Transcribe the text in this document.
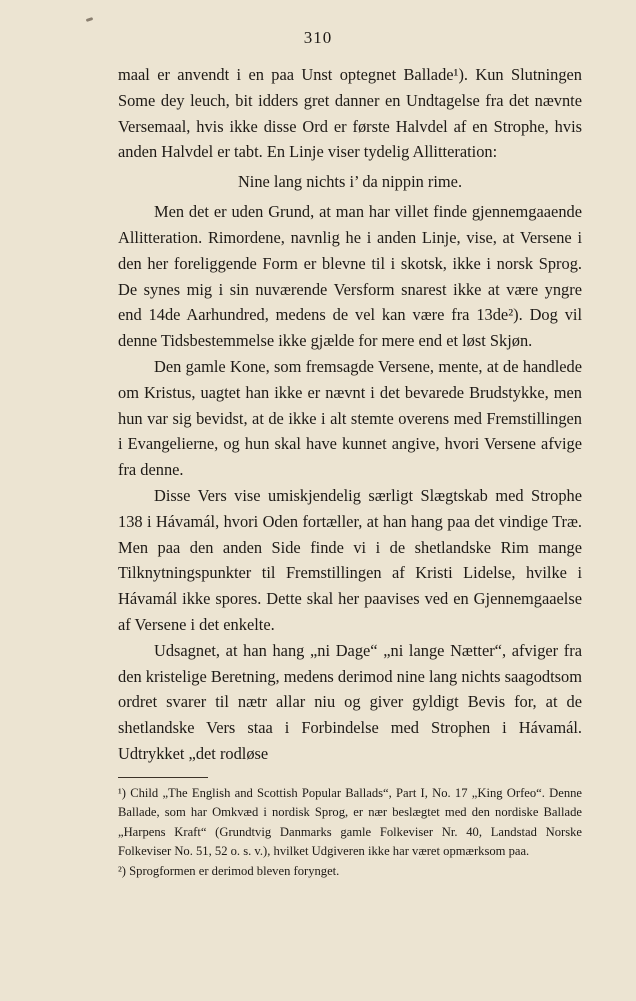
310

maal er anvendt i en paa Unst optegnet Ballade¹). Kun Slutningen Some dey leuch, bit idders gret danner en Undtagelse fra det nævnte Versemaal, hvis ikke disse Ord er første Halvdel af en Strophe, hvis anden Halvdel er tabt. En Linje viser tydelig Allitteration:

Nine lang nichts i’ da nippin rime.

Men det er uden Grund, at man har villet finde gjennemgaaende Allitteration. Rimordene, navnlig he i anden Linje, vise, at Versene i den her foreliggende Form er blevne til i skotsk, ikke i norsk Sprog. De synes mig i sin nuværende Versform snarest ikke at være yngre end 14de Aarhundred, medens de vel kan være fra 13de²). Dog vil denne Tidsbestemmelse ikke gjælde for mere end et løst Skjøn.

Den gamle Kone, som fremsagde Versene, mente, at de handlede om Kristus, uagtet han ikke er nævnt i det bevarede Brudstykke, men hun var sig bevidst, at de ikke i alt stemte overens med Fremstillingen i Evangelierne, og hun skal have kunnet angive, hvori Versene afvige fra denne.

Disse Vers vise umiskjendelig særligt Slægtskab med Strophe 138 i Hávamál, hvori Oden fortæller, at han hang paa det vindige Træ. Men paa den anden Side finde vi i de shetlandske Rim mange Tilknytningspunkter til Fremstillingen af Kristi Lidelse, hvilke i Hávamál ikke spores. Dette skal her paavises ved en Gjennemgaaelse af Versene i det enkelte.

Udsagnet, at han hang „ni Dage“ „ni lange Nætter“, afviger fra den kristelige Beretning, medens derimod nine lang nichts saagodtsom ordret svarer til nætr allar niu og giver gyldigt Bevis for, at de shetlandske Vers staa i Forbindelse med Strophen i Hávamál. Udtrykket „det rodløse

¹) Child „The English and Scottish Popular Ballads“, Part I, No. 17 „King Orfeo“. Denne Ballade, som har Omkvæd i nordisk Sprog, er nær beslægtet med den nordiske Ballade „Harpens Kraft“ (Grundtvig Danmarks gamle Folkeviser Nr. 40, Landstad Norske Folkeviser No. 51, 52 o. s. v.), hvilket Udgiveren ikke har været opmærksom paa.

²) Sprogformen er derimod bleven forynget.
